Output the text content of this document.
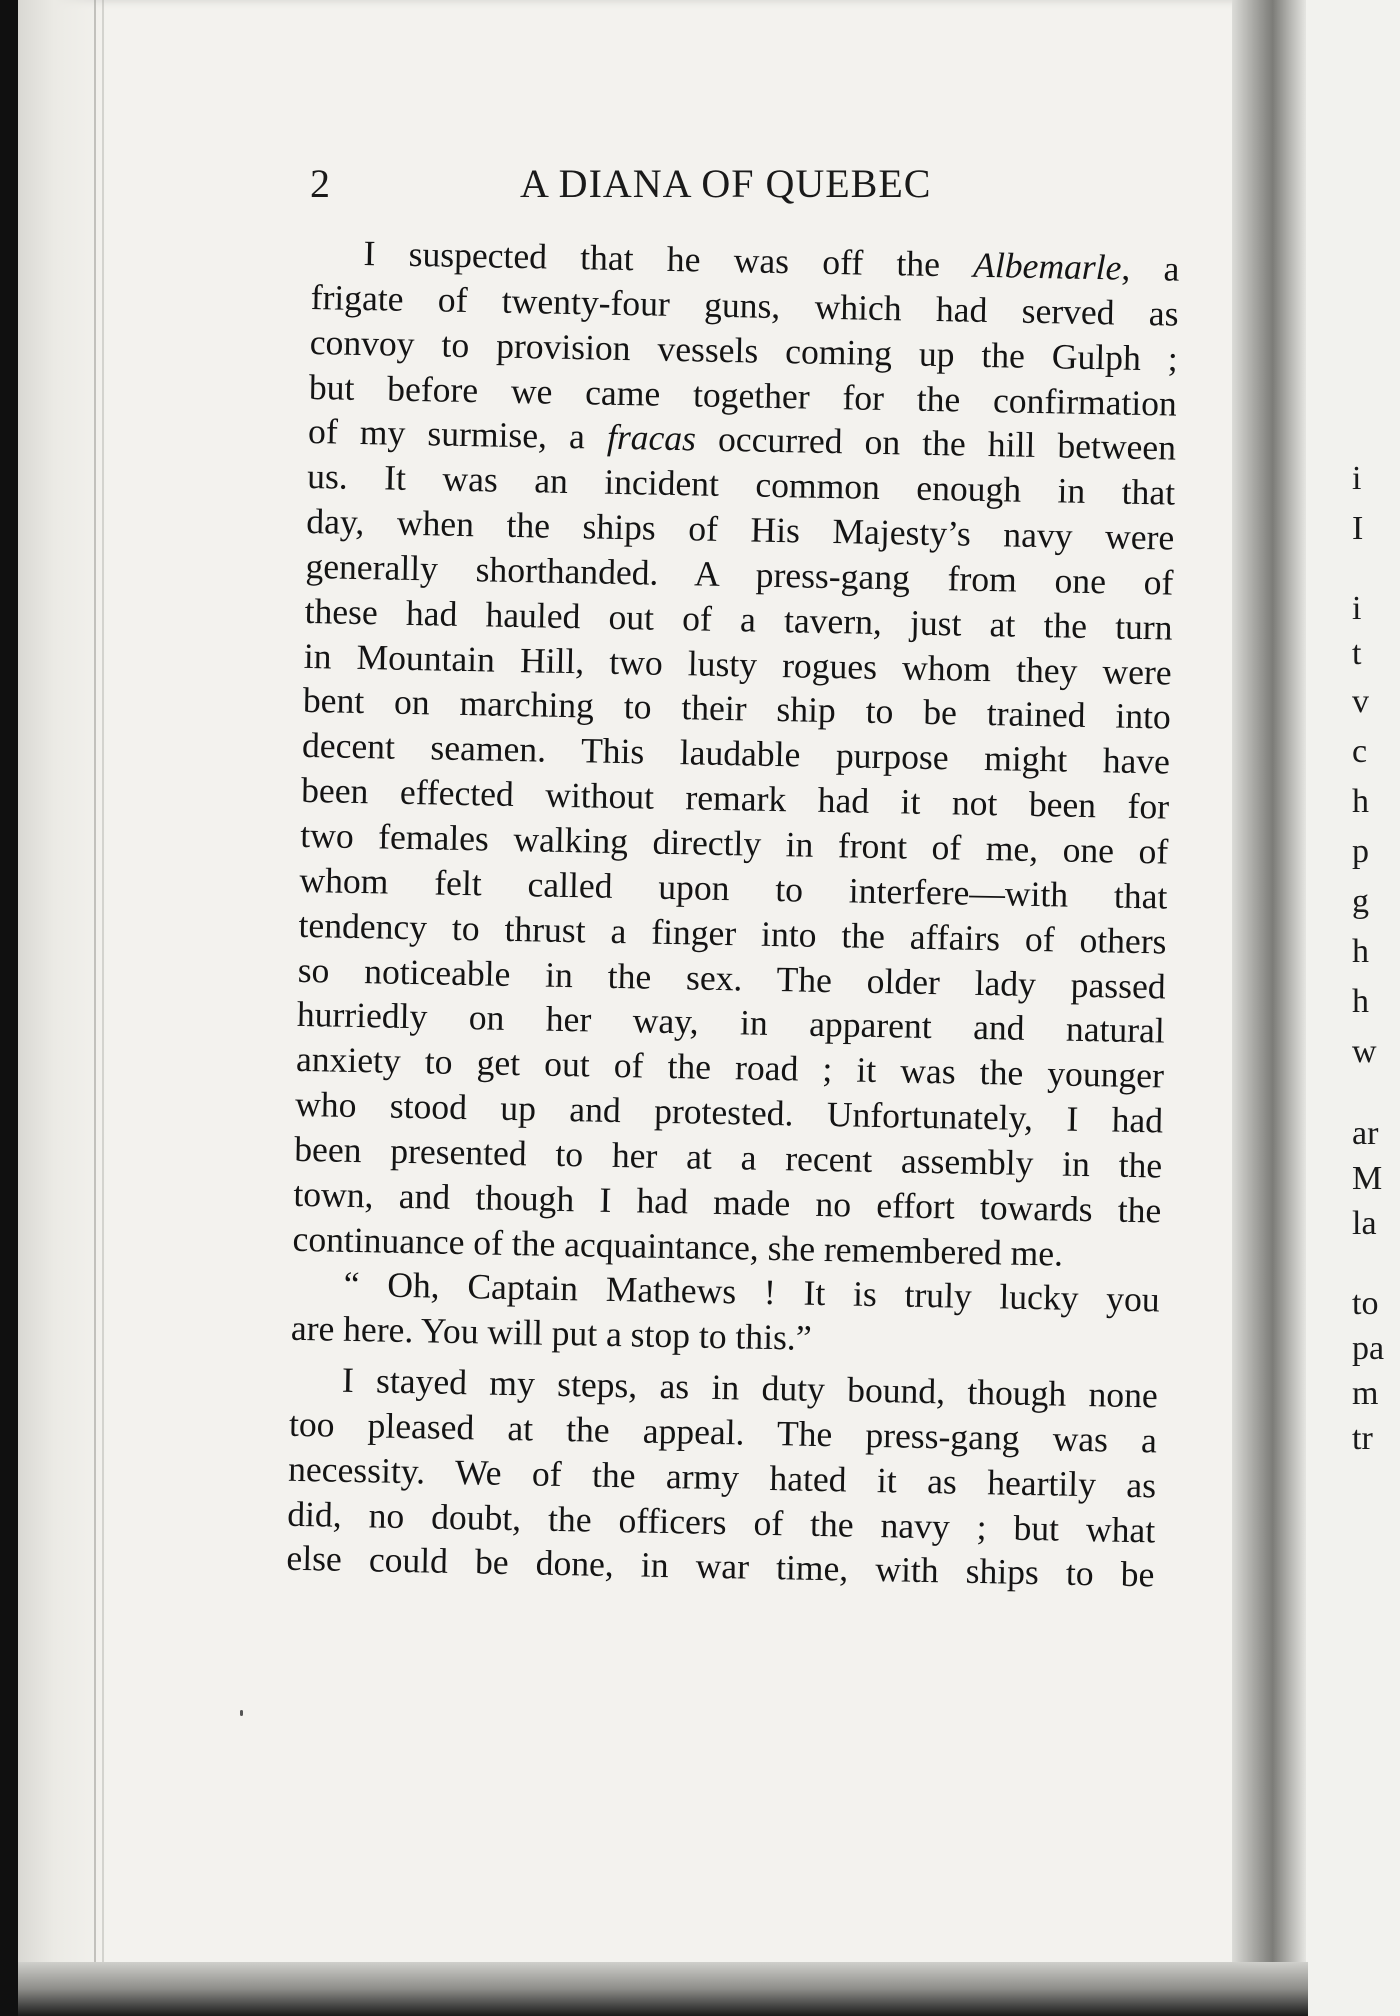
2	A DIANA OF QUEBEC
I suspected that he was off the Albemarle, a
frigate of twenty-four guns, which had served as
convoy to provision vessels coming up the Gulph ;
but before we came together for the confirmation
of my surmise, a fracas occurred on the hill between
us. It was an incident common enough in that
day, when the ships of His Majesty’s navy were
generally shorthanded. A press-gang from one of
these had hauled out of a tavern, just at the turn
in Mountain Hill, two lusty rogues whom they were
bent on marching to their ship to be trained into
decent seamen. This laudable purpose might have
been effected without remark had it not been for
two females walking directly in front of me, one of
whom felt called upon to interfere—with that
tendency to thrust a finger into the affairs of others
so noticeable in the sex. The older lady passed
hurriedly on her way, in apparent and natural
anxiety to get out of the road ; it was the younger
who stood up and protested. Unfortunately, I had
been presented to her at a recent assembly in the
town, and though I had made no effort towards the
continuance of the acquaintance, she remembered me.
“ Oh, Captain Mathews ! It is truly lucky you
are here. You will put a stop to this.”
I stayed my steps, as in duty bound, though none
too pleased at the appeal. The press-gang was a
necessity. We of the army hated it as heartily as
did, no doubt, the officers of the navy ; but what
else could be done, in war time, with ships to be
i
I
i
t
v
c
h
p
g
h
h
w
ar
M
la
to
pa
m
tr
